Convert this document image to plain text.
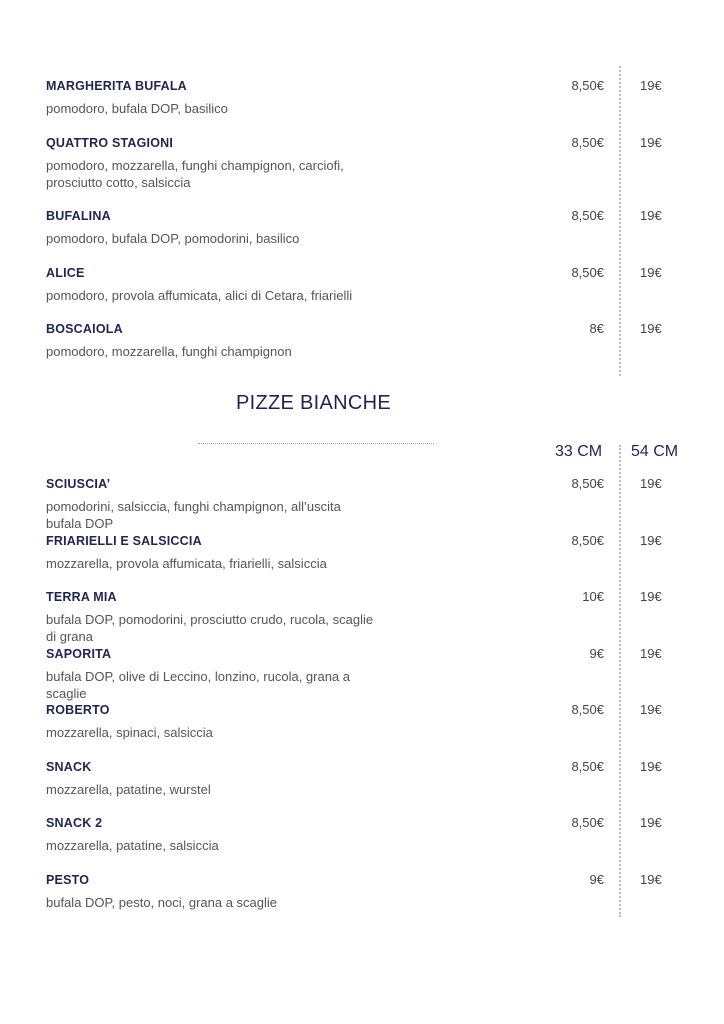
MARGHERITA BUFALA
pomodoro, bufala DOP, basilico
8,50€	19€
QUATTRO STAGIONI
pomodoro, mozzarella, funghi champignon, carciofi, prosciutto cotto, salsiccia
8,50€	19€
BUFALINA
pomodoro, bufala DOP, pomodorini, basilico
8,50€	19€
ALICE
pomodoro, provola affumicata, alici di Cetara, friarielli
8,50€	19€
BOSCAIOLA
pomodoro, mozzarella, funghi champignon
8€	19€
PIZZE BIANCHE
33 CM 54 CM
SCIUSCIA’
pomodorini, salsiccia, funghi champignon, all’uscita bufala DOP
8,50€	19€
FRIARIELLI E SALSICCIA
mozzarella, provola affumicata, friarielli, salsiccia
8,50€	19€
TERRA MIA
bufala DOP, pomodorini, prosciutto crudo, rucola, scaglie di grana
10€	19€
SAPORITA
bufala DOP, olive di Leccino, lonzino, rucola, grana a scaglie
9€	19€
ROBERTO
mozzarella, spinaci, salsiccia
8,50€	19€
SNACK
mozzarella, patatine, wurstel
8,50€	19€
SNACK 2
mozzarella, patatine, salsiccia
8,50€	19€
PESTO
bufala DOP, pesto, noci, grana a scaglie
9€	19€
